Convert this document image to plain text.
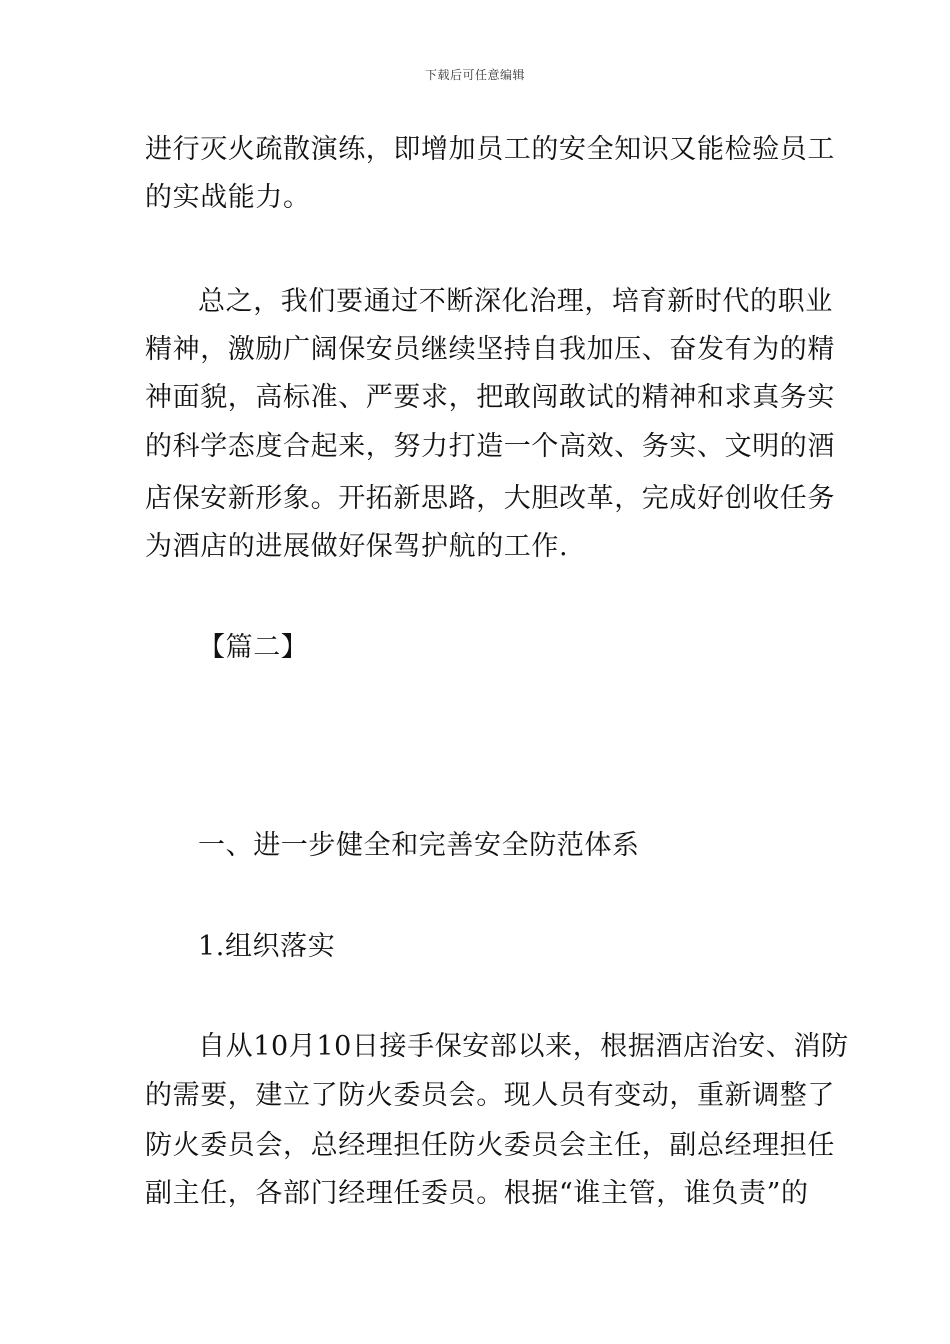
下载后可任意编辑
进行灭火疏散演练，即增加员工的安全知识又能检验员工
的实战能力。
总之，我们要通过不断深化治理，培育新时代的职业
精神，激励广阔保安员继续坚持自我加压、奋发有为的精
神面貌，高标准、严要求，把敢闯敢试的精神和求真务实
的科学态度合起来，努力打造一个高效、务实、文明的酒
店保安新形象。开拓新思路，大胆改革，完成好创收任务
为酒店的进展做好保驾护航的工作.
【篇二】
一、进一步健全和完善安全防范体系
1.组织落实
自从10月10日接手保安部以来，根据酒店治安、消防
的需要，建立了防火委员会。现人员有变动，重新调整了
防火委员会，总经理担任防火委员会主任，副总经理担任
副主任，各部门经理任委员。根据“谁主管，谁负责”的
